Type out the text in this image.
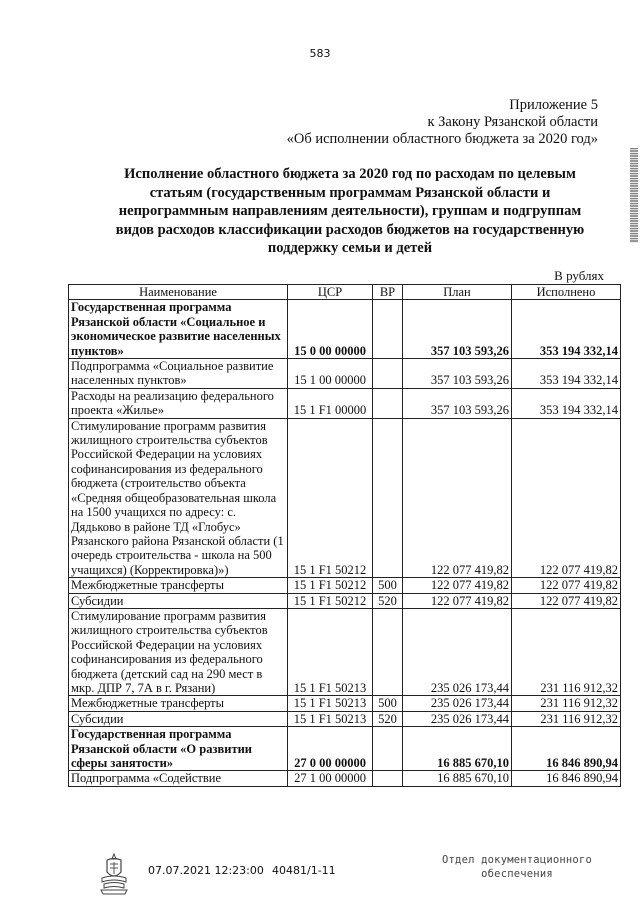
583
Приложение 5
к Закону Рязанской области
«Об исполнении областного бюджета за 2020 год»
Исполнение областного бюджета за 2020 год по расходам по целевым
статьям (государственным программам Рязанской области и
непрограммным направлениям деятельности), группам и подгруппам
видов расходов классификации расходов бюджетов на государственную
поддержку семьи и детей
В рублях
Наименование	ЦСР	ВР	План	Исполнено
Государственная программа Рязанской области «Социальное и экономическое развитие населенных пунктов»	15 0 00 00000		357 103 593,26	353 194 332,14
Подпрограмма «Социальное развитие населенных пунктов»	15 1 00 00000		357 103 593,26	353 194 332,14
Расходы на реализацию федерального проекта «Жилье»	15 1 F1 00000		357 103 593,26	353 194 332,14
Стимулирование программ развития жилищного строительства субъектов Российской Федерации на условиях софинансирования из федерального бюджета (строительство объекта «Средняя общеобразовательная школа на 1500 учащихся по адресу: с. Дядьково в районе ТД «Глобус» Рязанского района Рязанской области (1 очередь строительства - школа на 500 учащихся) (Корректировка)»)	15 1 F1 50212		122 077 419,82	122 077 419,82
Межбюджетные трансферты	15 1 F1 50212	500	122 077 419,82	122 077 419,82
Субсидии	15 1 F1 50212	520	122 077 419,82	122 077 419,82
Стимулирование программ развития жилищного строительства субъектов Российской Федерации на условиях софинансирования из федерального бюджета (детский сад на 290 мест в мкр. ДПР 7, 7А в г. Рязани)	15 1 F1 50213		235 026 173,44	231 116 912,32
Межбюджетные трансферты	15 1 F1 50213	500	235 026 173,44	231 116 912,32
Субсидии	15 1 F1 50213	520	235 026 173,44	231 116 912,32
Государственная программа Рязанской области «О развитии сферы занятости»	27 0 00 00000		16 885 670,10	16 846 890,94
Подпрограмма «Содействие	27 1 00 00000		16 885 670,10	16 846 890,94
07.07.2021 12:23:00 40481/1-11
Отдел документационного
обеспечения
